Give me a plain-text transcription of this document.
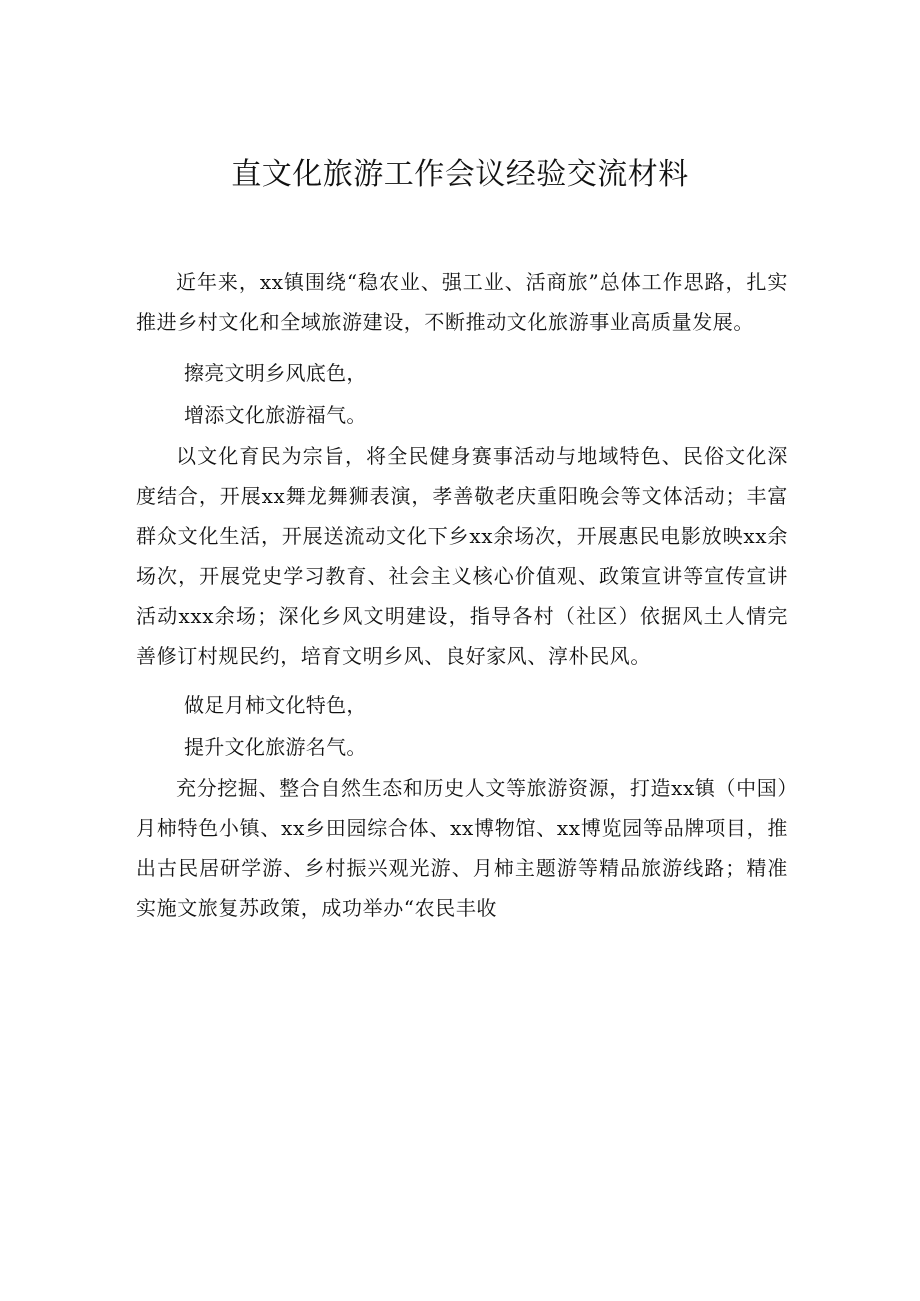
直文化旅游工作会议经验交流材料

近年来，xx镇围绕“稳农业、强工业、活商旅”总体工作思路，扎实推进乡村文化和全域旅游建设，不断推动文化旅游事业高质量发展。

擦亮文明乡风底色，
增添文化旅游福气。

以文化育民为宗旨，将全民健身赛事活动与地域特色、民俗文化深度结合，开展xx舞龙舞狮表演，孝善敬老庆重阳晚会等文体活动；丰富群众文化生活，开展送流动文化下乡xx余场次，开展惠民电影放映xx余场次，开展党史学习教育、社会主义核心价值观、政策宣讲等宣传宣讲活动xxx余场；深化乡风文明建设，指导各村（社区）依据风土人情完善修订村规民约，培育文明乡风、良好家风、淳朴民风。

做足月柿文化特色，
提升文化旅游名气。

充分挖掘、整合自然生态和历史人文等旅游资源，打造xx镇（中国）月柿特色小镇、xx乡田园综合体、xx博物馆、xx博览园等品牌项目，推出古民居研学游、乡村振兴观光游、月柿主题游等精品旅游线路；精准实施文旅复苏政策，成功举办“农民丰收
